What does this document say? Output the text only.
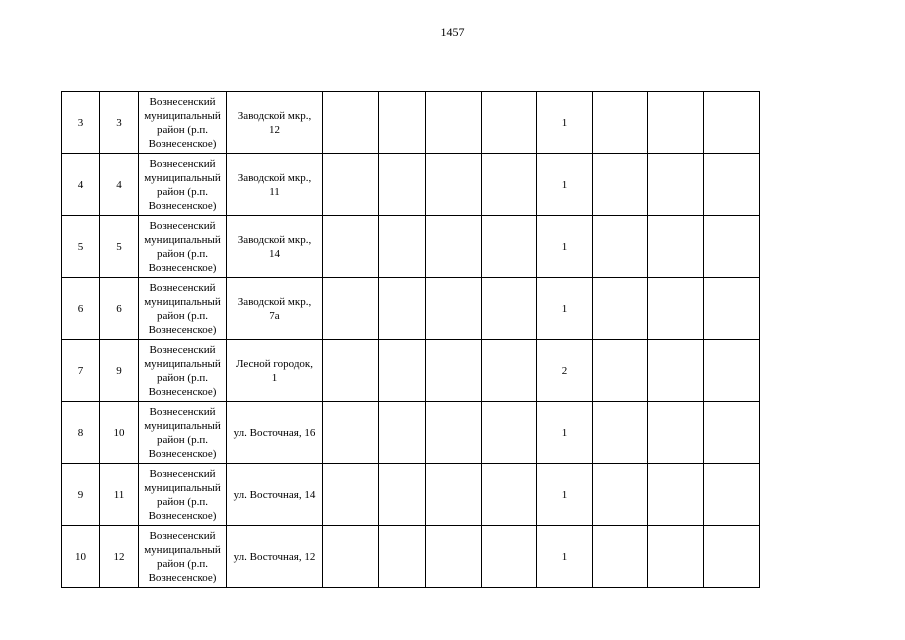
1457
3	3	Вознесенский
муниципальный
район (р.п.
Вознесенское)	Заводской мкр.,
12					1			
4	4	Вознесенский
муниципальный
район (р.п.
Вознесенское)	Заводской мкр.,
11					1			
5	5	Вознесенский
муниципальный
район (р.п.
Вознесенское)	Заводской мкр.,
14					1			
6	6	Вознесенский
муниципальный
район (р.п.
Вознесенское)	Заводской мкр.,
7а					1			
7	9	Вознесенский
муниципальный
район (р.п.
Вознесенское)	Лесной городок,
1					2			
8	10	Вознесенский
муниципальный
район (р.п.
Вознесенское)	ул. Восточная, 16					1			
9	11	Вознесенский
муниципальный
район (р.п.
Вознесенское)	ул. Восточная, 14					1			
10	12	Вознесенский
муниципальный
район (р.п.
Вознесенское)	ул. Восточная, 12					1			
